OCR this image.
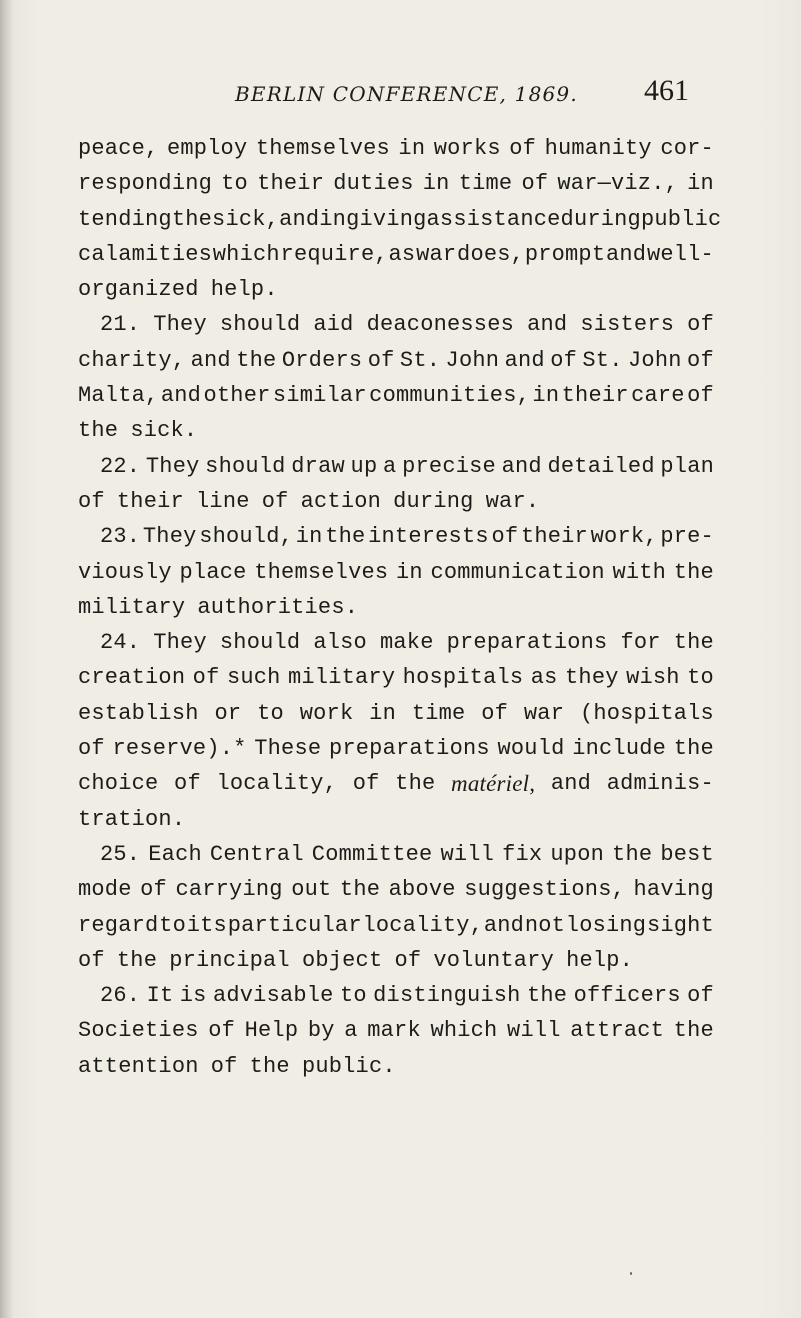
BERLIN CONFERENCE, 1869. 461
peace, employ themselves in works of humanity cor-
responding to their duties in time of war—viz., in
tending the sick, and in giving assistance during public
calamities which require, as war does, prompt and well-
organized help.
21. They should aid deaconesses and sisters of
charity, and the Orders of St. John and of St. John of
Malta, and other similar communities, in their care of
the sick.
22. They should draw up a precise and detailed plan
of their line of action during war.
23. They should, in the interests of their work, pre-
viously place themselves in communication with the
military authorities.
24. They should also make preparations for the
creation of such military hospitals as they wish to
establish or to work in time of war (hospitals
of reserve).* These preparations would include the
choice of locality, of the matériel, and adminis-
tration.
25. Each Central Committee will fix upon the best
mode of carrying out the above suggestions, having
regard to its particular locality, and not losing sight
of the principal object of voluntary help.
26. It is advisable to distinguish the officers of
Societies of Help by a mark which will attract the
attention of the public.
